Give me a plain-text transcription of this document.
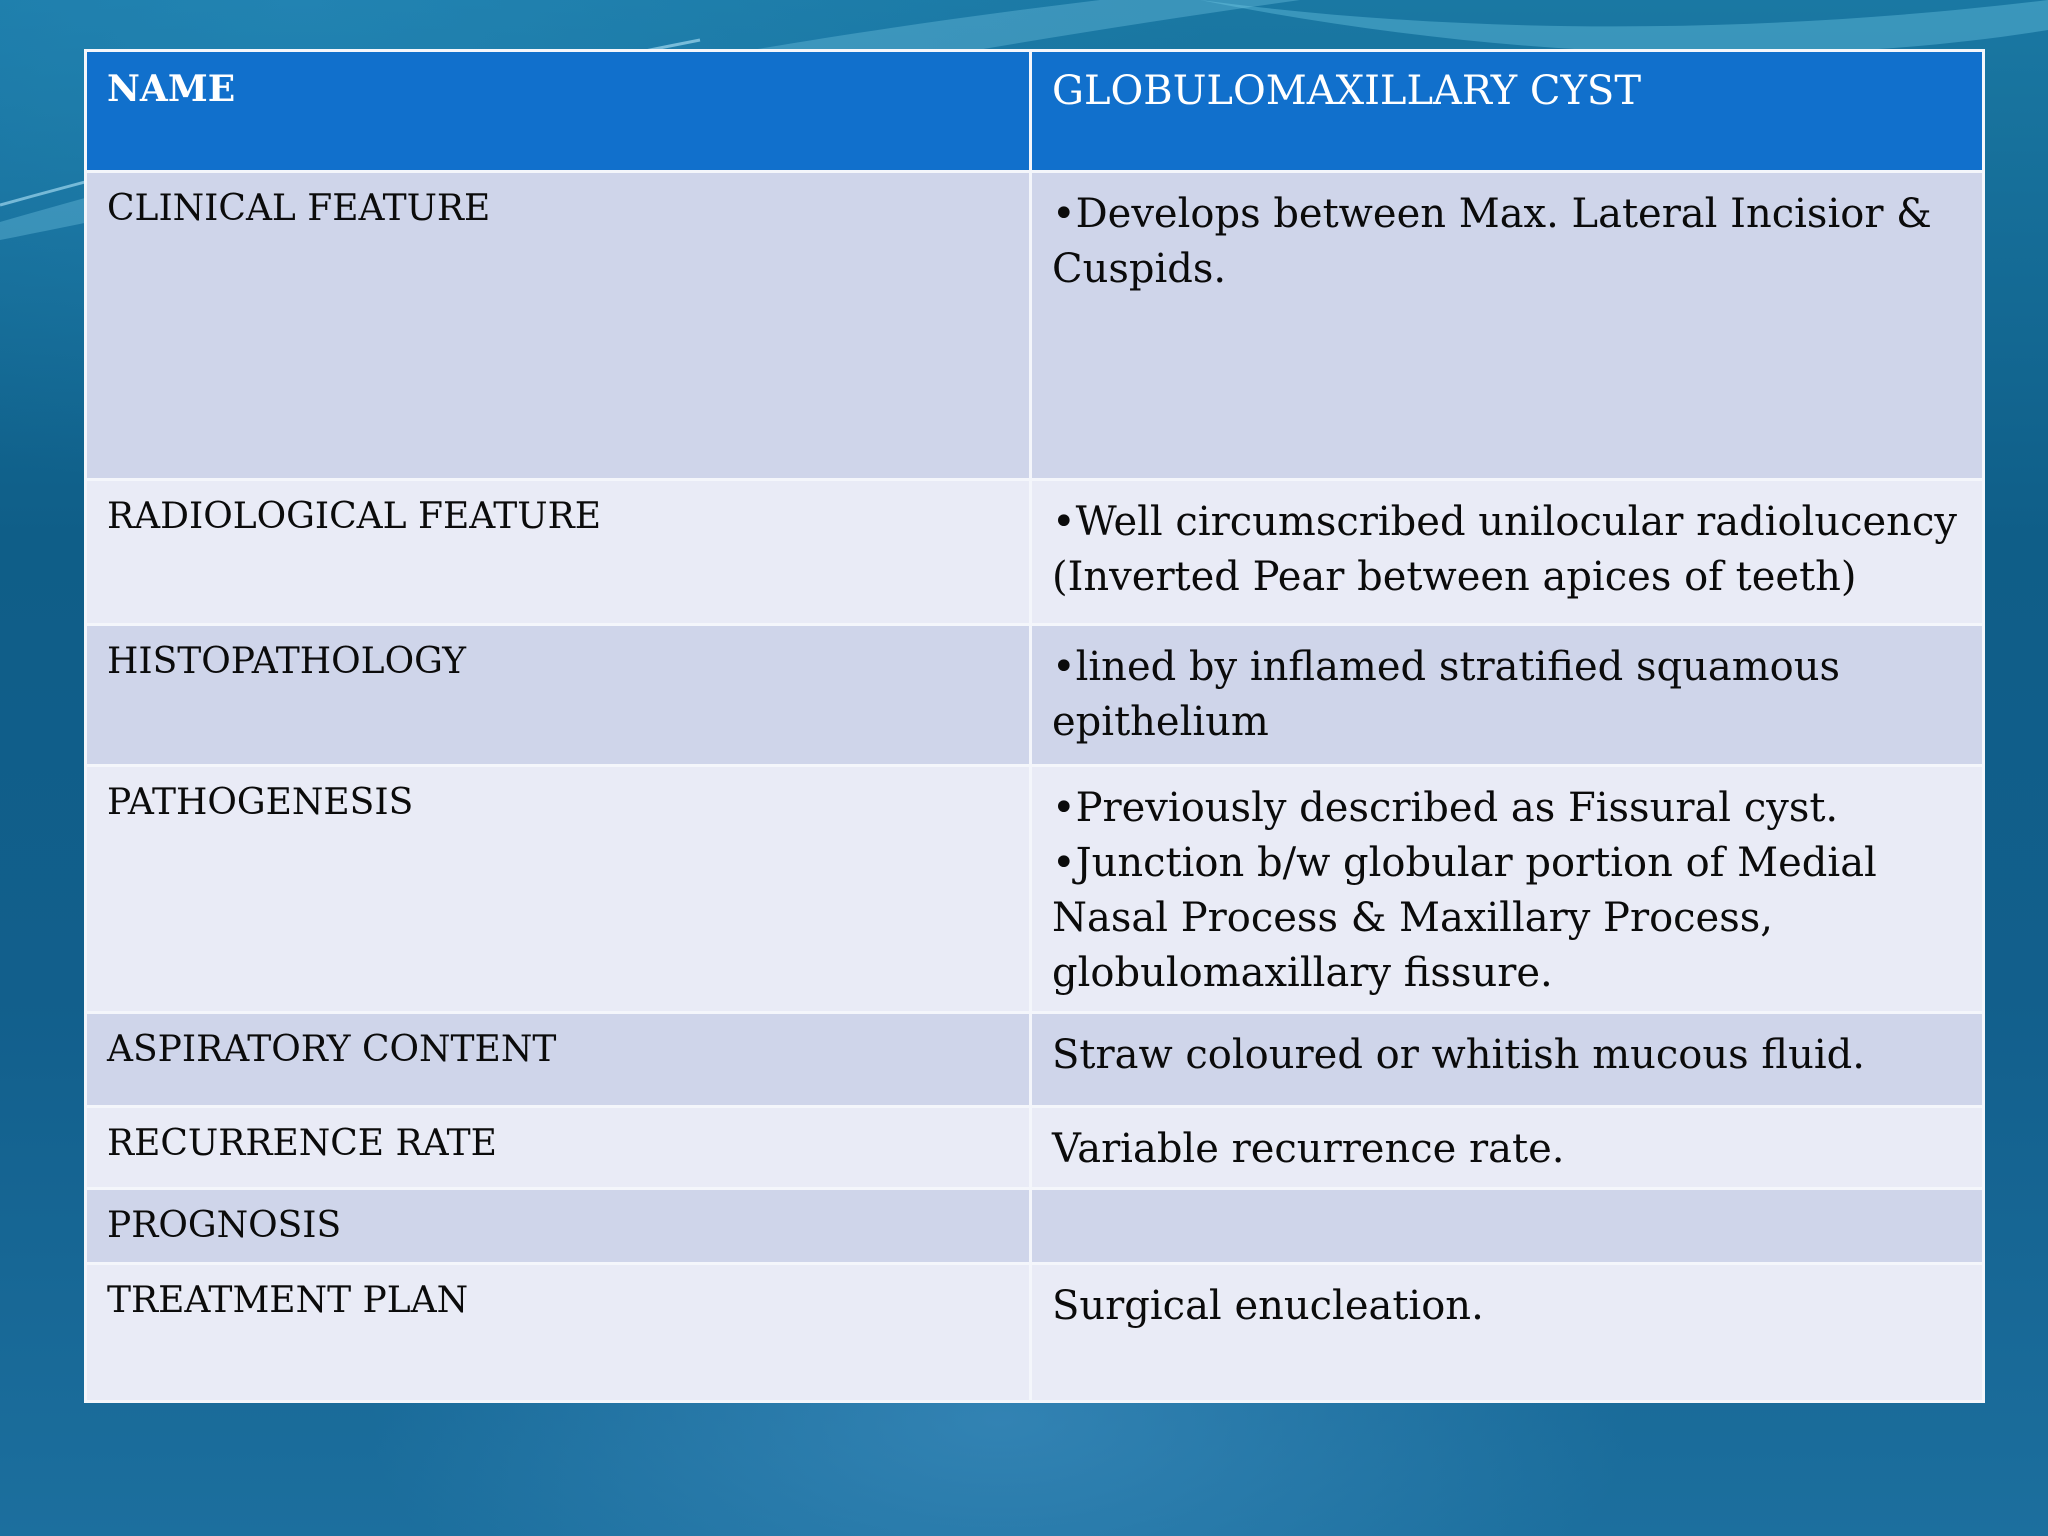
NAME	GLOBULOMAXILLARY CYST
CLINICAL FEATURE	•Develops between Max. Lateral Incisior & Cuspids.

RADIOLOGICAL FEATURE	•Well circumscribed unilocular radiolucency (Inverted Pear between apices of teeth)

HISTOPATHOLOGY	•lined by inflamed stratified squamous epithelium

PATHOGENESIS	•Previously described as Fissural cyst.
•Junction b/w globular portion of Medial Nasal Process & Maxillary Process, globulomaxillary fissure.

ASPIRATORY CONTENT	Straw coloured or whitish mucous fluid.

RECURRENCE RATE	Variable recurrence rate.

PROGNOSIS	

TREATMENT PLAN	Surgical enucleation.
